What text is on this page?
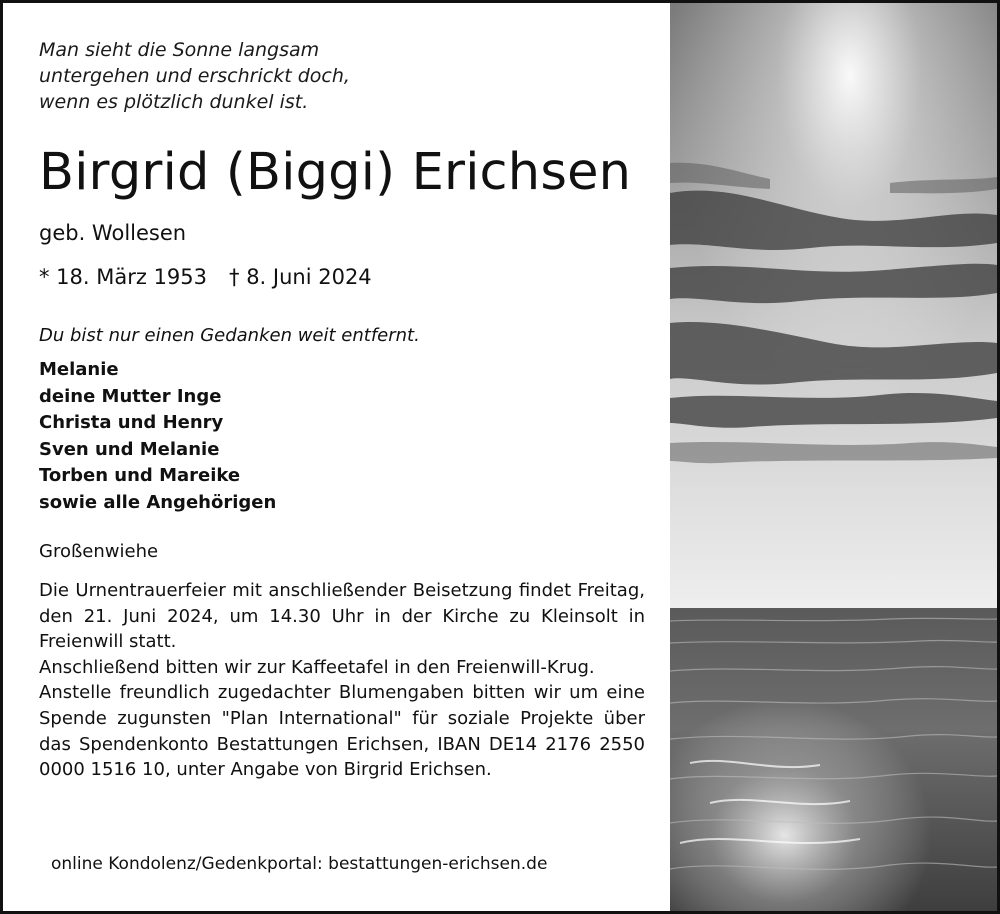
Man sieht die Sonne langsam
untergehen und erschrickt doch,
wenn es plötzlich dunkel ist.
Birgrid (Biggi) Erichsen
geb. Wollesen
* 18. März 1953 † 8. Juni 2024
Du bist nur einen Gedanken weit entfernt.
Melanie
deine Mutter Inge
Christa und Henry
Sven und Melanie
Torben und Mareike
sowie alle Angehörigen
Großenwiehe

Die Urnentrauerfeier mit anschließender Beisetzung findet Freitag, den 21. Juni 2024, um 14.30 Uhr in der Kirche zu Kleinsolt in Freienwill statt.

Anschließend bitten wir zur Kaffeetafel in den Freienwill-Krug.

Anstelle freundlich zugedachter Blumengaben bitten wir um eine Spende zugunsten "Plan International" für soziale Projekte über das Spendenkonto Bestattungen Erichsen, IBAN DE14 2176 2550 0000 1516 10, unter Angabe von Birgrid Erichsen.

online Kondolenz/Gedenkportal: bestattungen-erichsen.de
